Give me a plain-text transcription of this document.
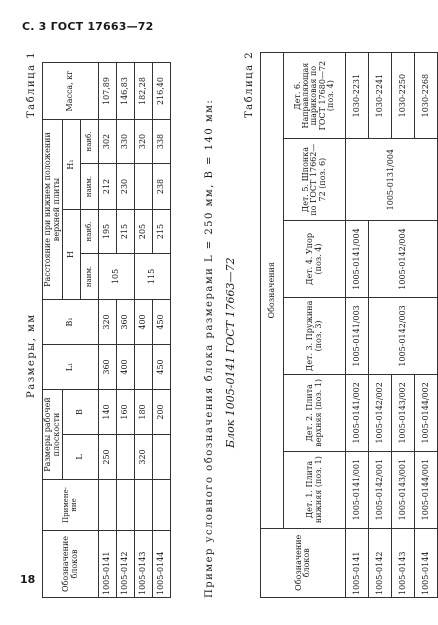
С. 3 ГОСТ 17663—72
Таблица 1
Размеры, мм
Обозначение блоков	Примене-ние	Размеры рабочей плоскости		L₁	B₁	Расстояние при нижнем положении верхней плиты				Масса, кг
		L	B			H		H₁		
						наим.	наиб.	наим.	наиб.	
1005-0141		250	140	360	320	105	195	212	302	107,89
1005-0142			160	400	360		215	230	330	146,83
1005-0143		320	180		400	115	205		320	182,28
1005-0144			200	450	450		215	238	338	216,40
Пример условного обозначения блока размерами L = 250 мм, B = 140 мм: Блок 1005-0141 ГОСТ 17663—72
Таблица 2
Обозначение блоков	Обозначения					
	Дет. 1. Плита нижняя (поз. 1)	Дет. 2. Плита верхняя (поз. 1)	Дет. 3. Пружина (поз. 3)	Дет. 4. Упор (поз. 4)	Дет. 5. Шпонка по ГОСТ 17662—72 (поз. 6)	Дет. 6. Направляющая шариковая по ГОСТ 17680—72 (поз. 4)
1005-0141	1005-0141/001	1005-0141/002	1005-0141/003	1005-0141/004	1005-0131/004	1030-2231
1005-0142	1005-0142/001	1005-0142/002	1005-0142/003	1005-0142/004		1030-2241
1005-0143	1005-0143/001	1005-0143/002				1030-2250
1005-0144	1005-0144/001	1005-0144/002				1030-2268
18
